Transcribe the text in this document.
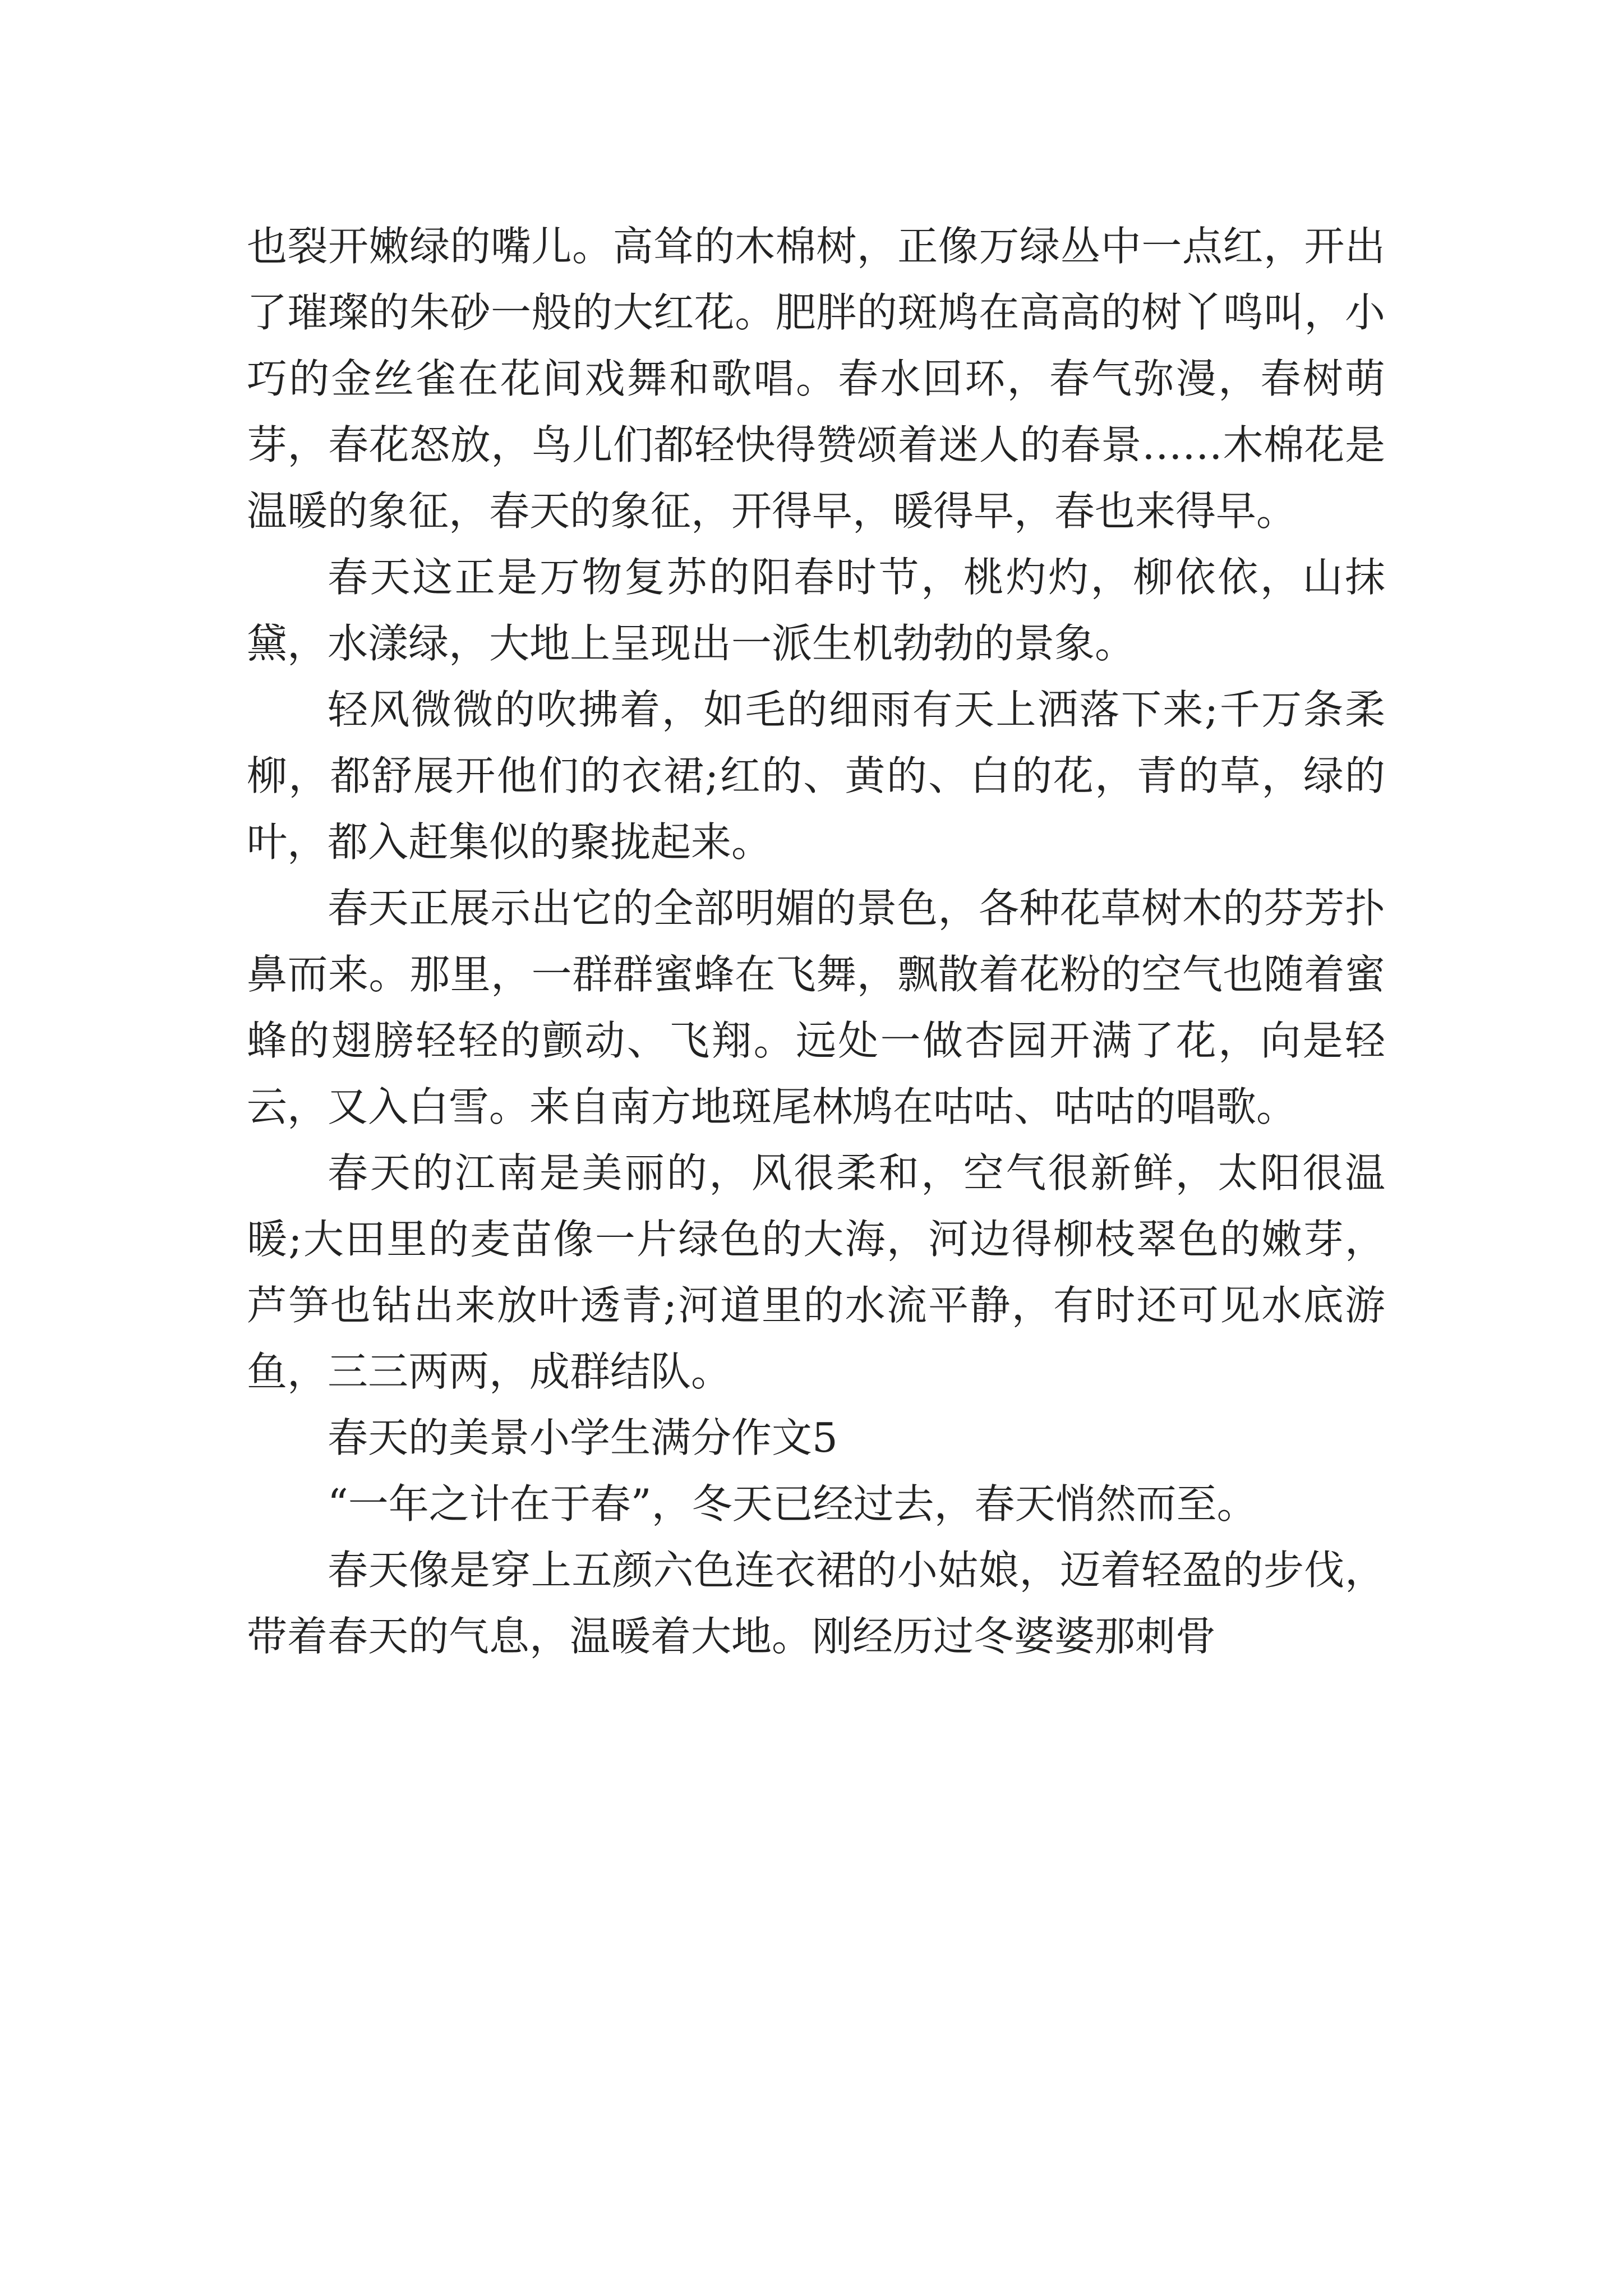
也裂开嫩绿的嘴儿。高耸的木棉树，正像万绿丛中一点红，开出了璀璨的朱砂一般的大红花。肥胖的斑鸠在高高的树丫鸣叫，小巧的金丝雀在花间戏舞和歌唱。春水回环，春气弥漫，春树萌芽，春花怒放，鸟儿们都轻快得赞颂着迷人的春景……木棉花是温暖的象征，春天的象征，开得早，暖得早，春也来得早。

春天这正是万物复苏的阳春时节，桃灼灼，柳依依，山抹黛，水漾绿，大地上呈现出一派生机勃勃的景象。

轻风微微的吹拂着，如毛的细雨有天上洒落下来;千万条柔柳，都舒展开他们的衣裙;红的、黄的、白的花，青的草，绿的叶，都入赶集似的聚拢起来。

春天正展示出它的全部明媚的景色，各种花草树木的芬芳扑鼻而来。那里，一群群蜜蜂在飞舞，飘散着花粉的空气也随着蜜蜂的翅膀轻轻的颤动、飞翔。远处一做杏园开满了花，向是轻云，又入白雪。来自南方地斑尾林鸠在咕咕、咕咕的唱歌。

春天的江南是美丽的，风很柔和，空气很新鲜，太阳很温暖;大田里的麦苗像一片绿色的大海，河边得柳枝翠色的嫩芽，芦笋也钻出来放叶透青;河道里的水流平静，有时还可见水底游鱼，三三两两，成群结队。

春天的美景小学生满分作文5

“一年之计在于春”，冬天已经过去，春天悄然而至。

春天像是穿上五颜六色连衣裙的小姑娘，迈着轻盈的步伐，带着春天的气息，温暖着大地。刚经历过冬婆婆那刺骨
